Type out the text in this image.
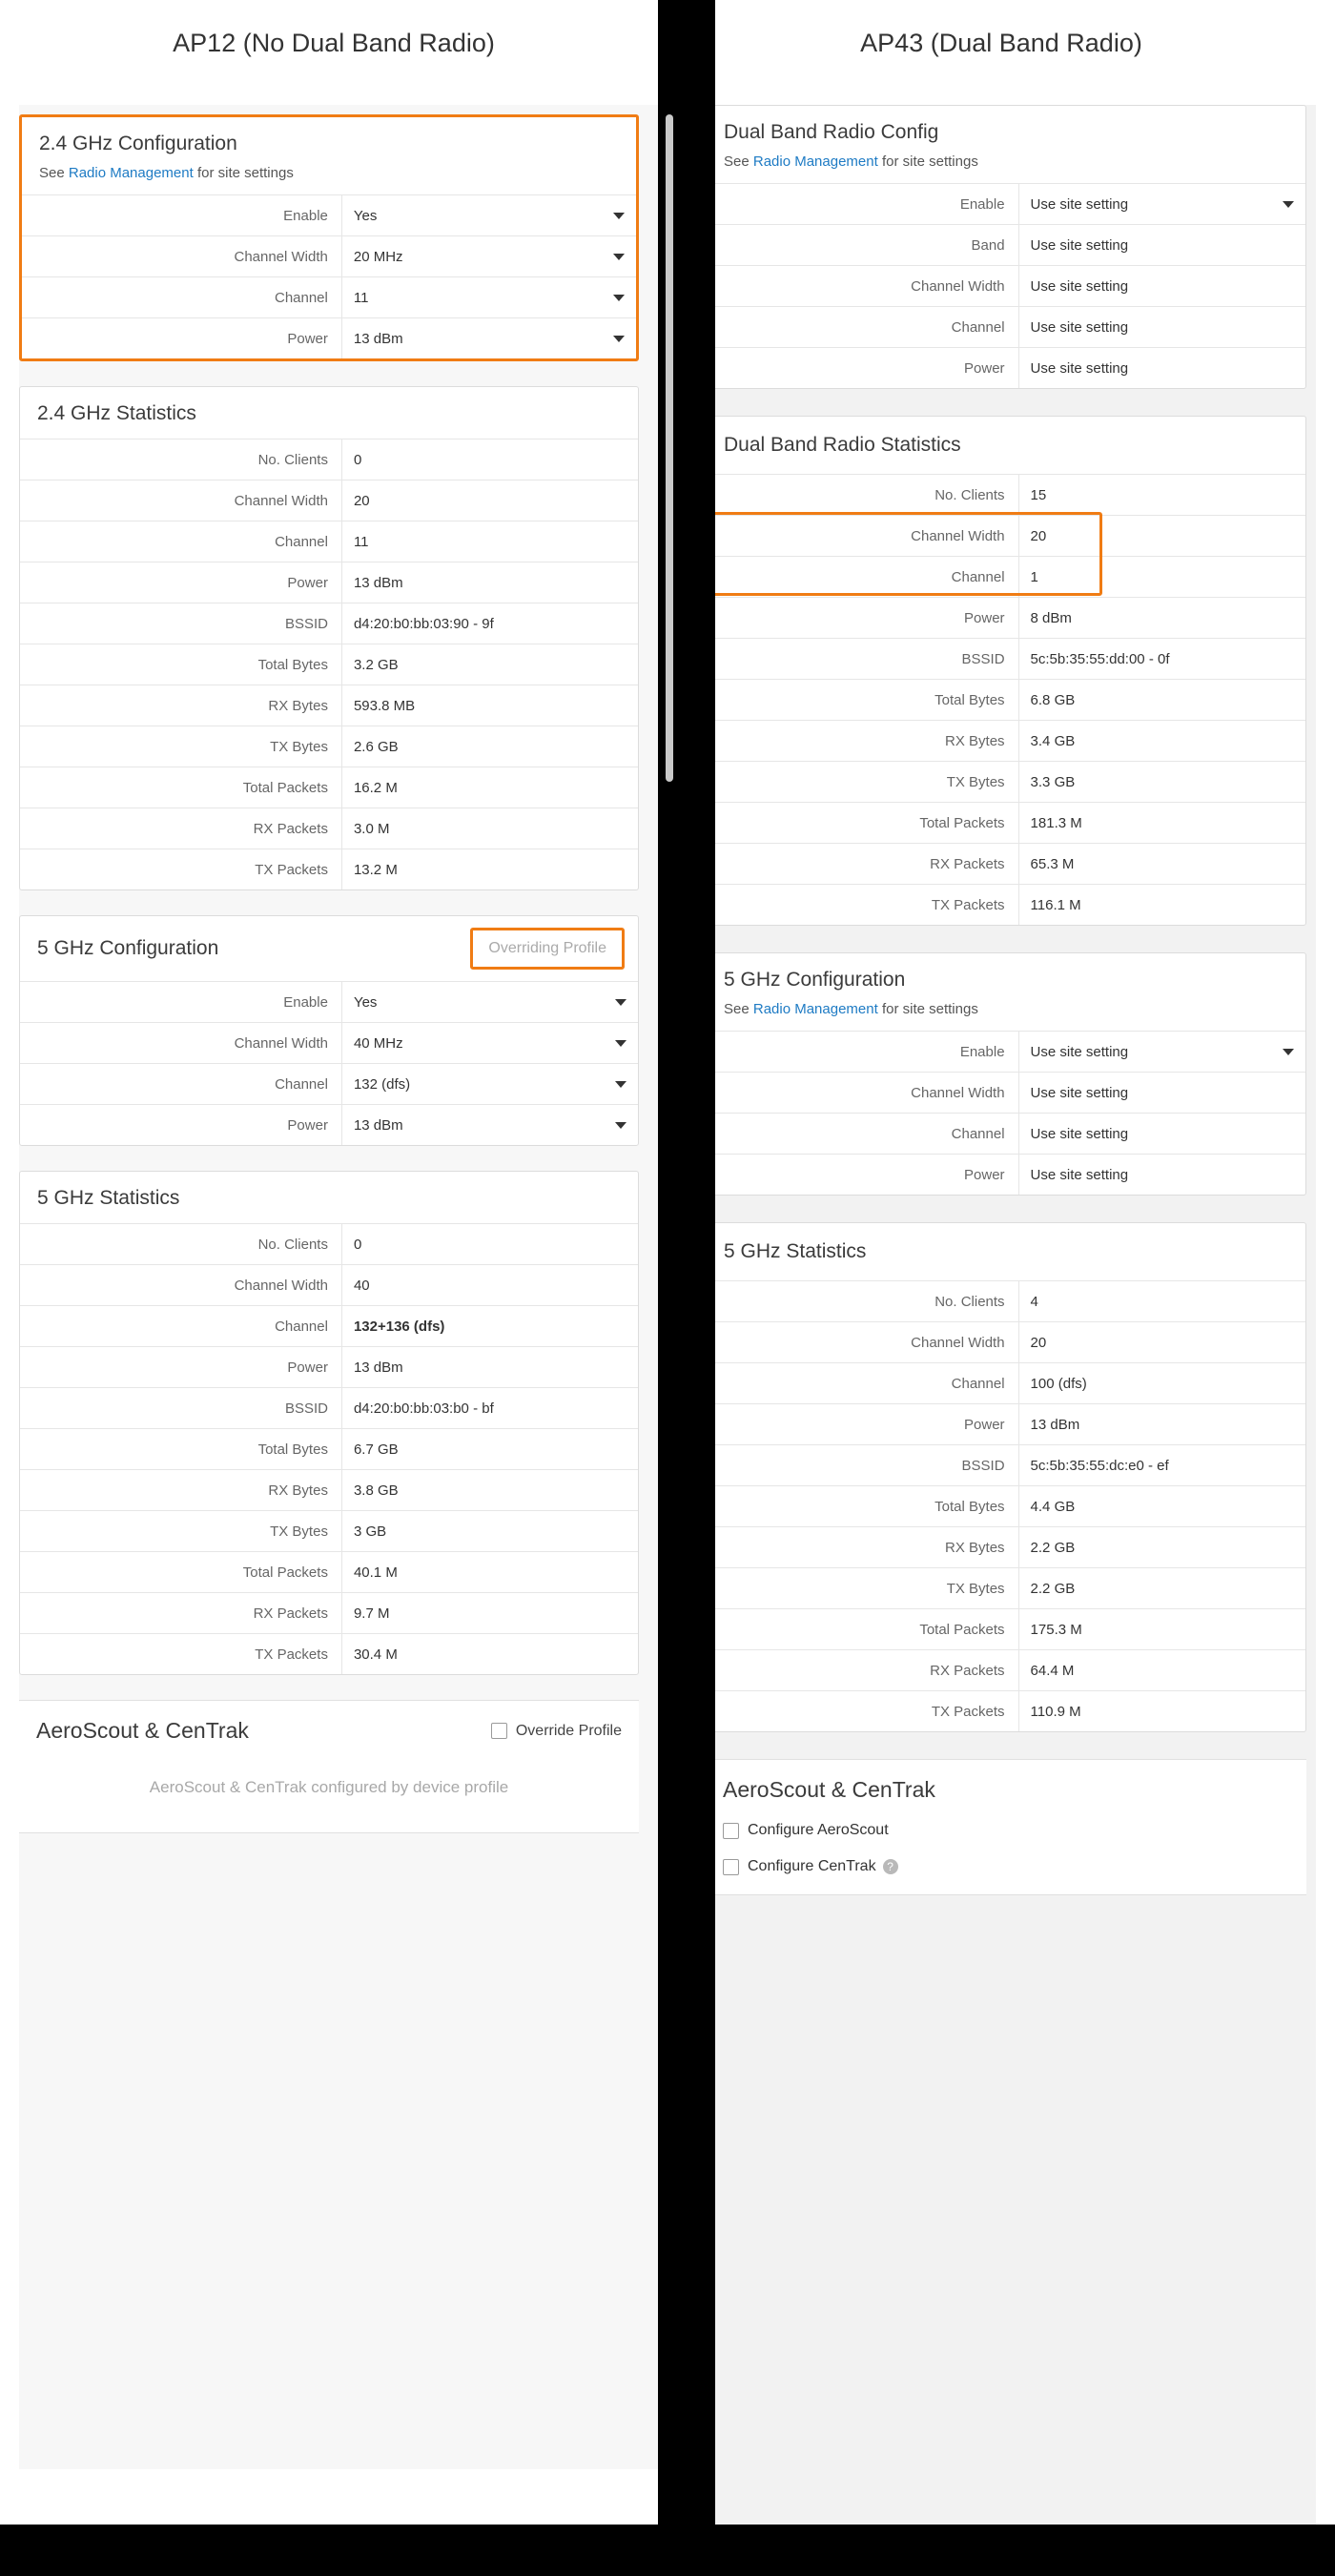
AP12 (No Dual Band Radio)	AP43 (Dual Band Radio)
2.4 GHz Configuration
See Radio Management for site settings
Enable	Yes
Channel Width	20 MHz
Channel	11
Power	13 dBm
2.4 GHz Statistics
No. Clients	0
Channel Width	20
Channel	11
Power	13 dBm
BSSID	d4:20:b0:bb:03:90 - 9f
Total Bytes	3.2 GB
RX Bytes	593.8 MB
TX Bytes	2.6 GB
Total Packets	16.2 M
RX Packets	3.0 M
TX Packets	13.2 M
5 GHz Configuration	Overriding Profile
Enable	Yes
Channel Width	40 MHz
Channel	132 (dfs)
Power	13 dBm
5 GHz Statistics
No. Clients	0
Channel Width	40
Channel	132+136 (dfs)
Power	13 dBm
BSSID	d4:20:b0:bb:03:b0 - bf
Total Bytes	6.7 GB
RX Bytes	3.8 GB
TX Bytes	3 GB
Total Packets	40.1 M
RX Packets	9.7 M
TX Packets	30.4 M
AeroScout & CenTrak	Override Profile
AeroScout & CenTrak configured by device profile
Dual Band Radio Config
See Radio Management for site settings
Enable	Use site setting
Band	Use site setting
Channel Width	Use site setting
Channel	Use site setting
Power	Use site setting
Dual Band Radio Statistics
No. Clients	15
Channel Width	20
Channel	1
Power	8 dBm
BSSID	5c:5b:35:55:dd:00 - 0f
Total Bytes	6.8 GB
RX Bytes	3.4 GB
TX Bytes	3.3 GB
Total Packets	181.3 M
RX Packets	65.3 M
TX Packets	116.1 M
5 GHz Configuration
See Radio Management for site settings
Enable	Use site setting
Channel Width	Use site setting
Channel	Use site setting
Power	Use site setting
5 GHz Statistics
No. Clients	4
Channel Width	20
Channel	100 (dfs)
Power	13 dBm
BSSID	5c:5b:35:55:dc:e0 - ef
Total Bytes	4.4 GB
RX Bytes	2.2 GB
TX Bytes	2.2 GB
Total Packets	175.3 M
RX Packets	64.4 M
TX Packets	110.9 M
AeroScout & CenTrak
Configure AeroScout
Configure CenTrak ?
